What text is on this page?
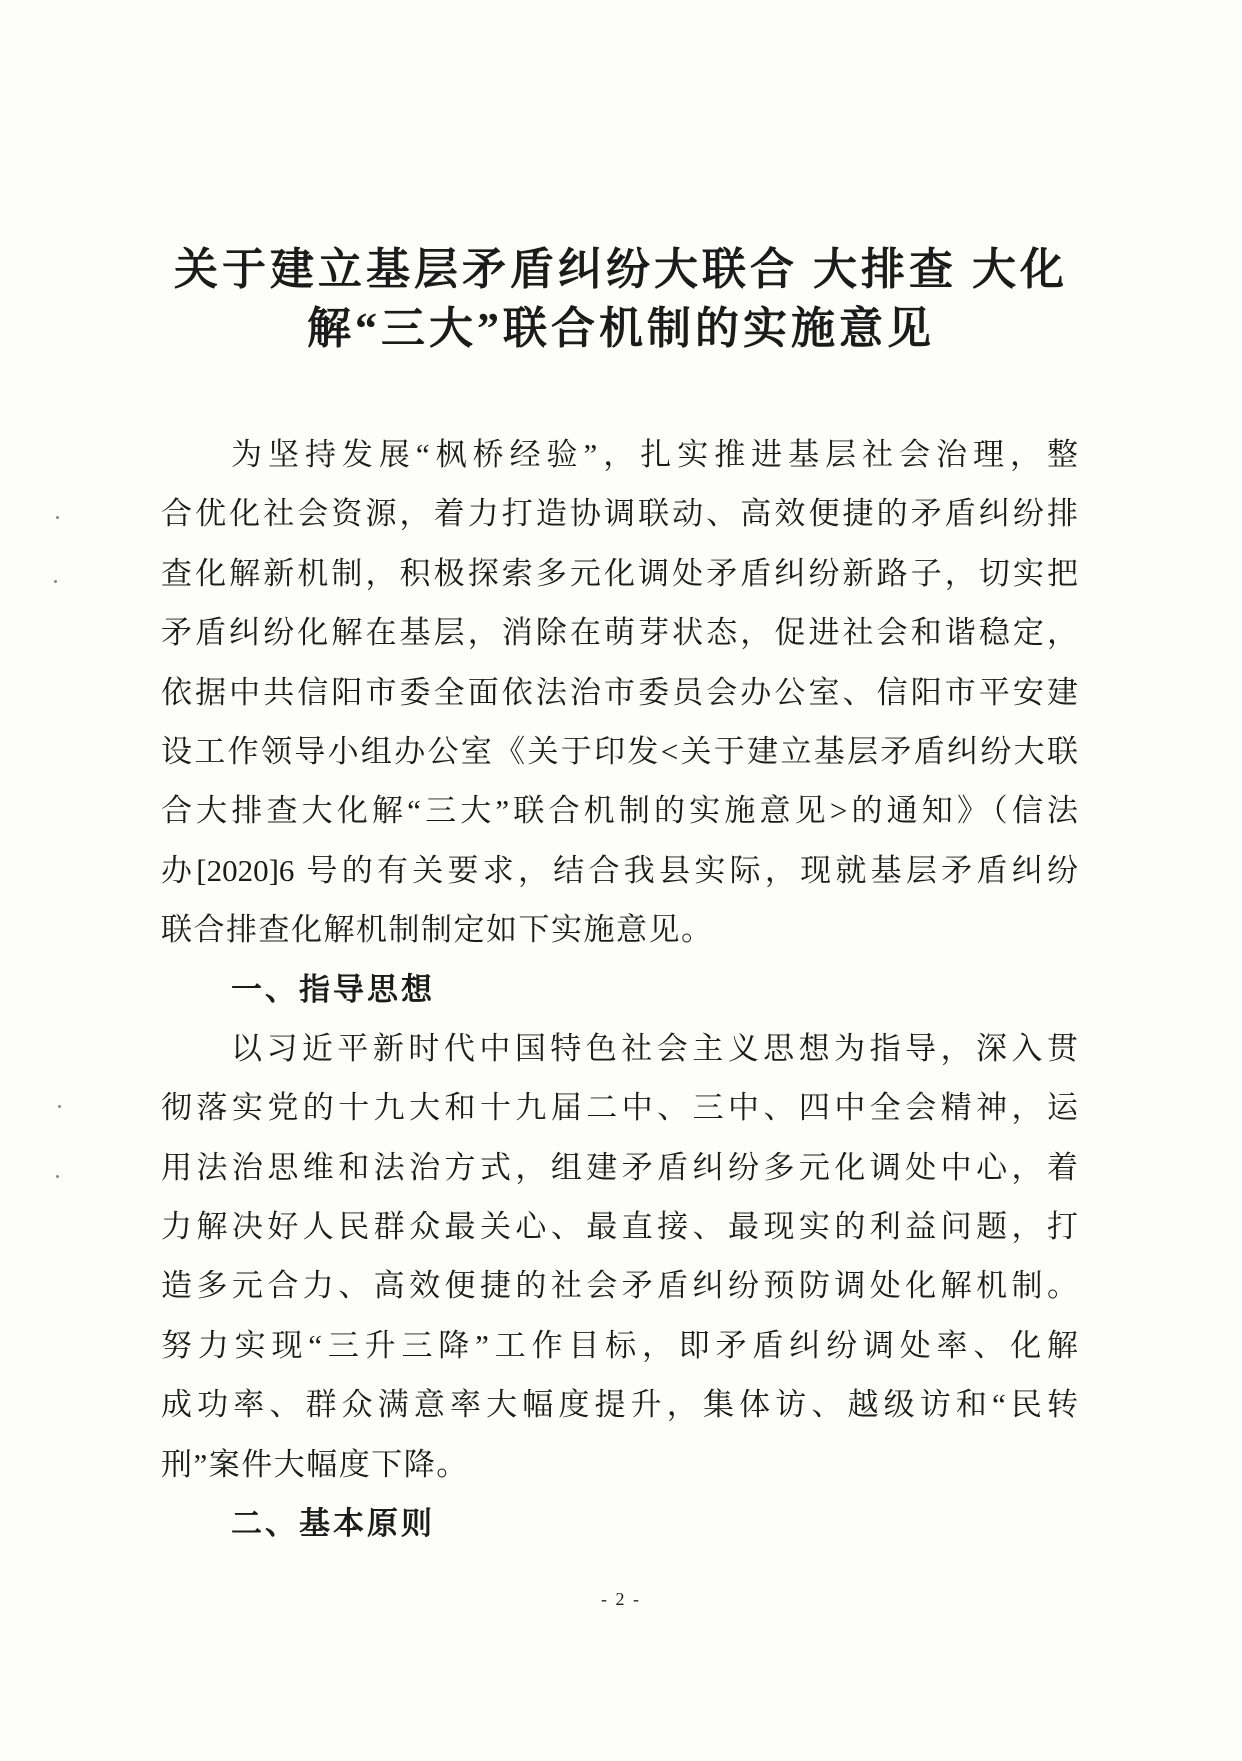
关于建立基层矛盾纠纷大联合 大排查 大化
解“三大”联合机制的实施意见
为坚持发展“枫桥经验”，扎实推进基层社会治理，整
合优化社会资源，着力打造协调联动、高效便捷的矛盾纠纷排
查化解新机制，积极探索多元化调处矛盾纠纷新路子，切实把
矛盾纠纷化解在基层，消除在萌芽状态，促进社会和谐稳定，
依据中共信阳市委全面依法治市委员会办公室、信阳市平安建
设工作领导小组办公室《关于印发<关于建立基层矛盾纠纷大联
合大排查大化解“三大”联合机制的实施意见>的通知》（信法
办[2020]6 号的有关要求，结合我县实际，现就基层矛盾纠纷
联合排查化解机制制定如下实施意见。
一、指导思想
以习近平新时代中国特色社会主义思想为指导，深入贯
彻落实党的十九大和十九届二中、三中、四中全会精神，运
用法治思维和法治方式，组建矛盾纠纷多元化调处中心，着
力解决好人民群众最关心、最直接、最现实的利益问题，打
造多元合力、高效便捷的社会矛盾纠纷预防调处化解机制。
努力实现“三升三降”工作目标，即矛盾纠纷调处率、化解
成功率、群众满意率大幅度提升，集体访、越级访和“民转
刑”案件大幅度下降。
二、基本原则
- 2 -
